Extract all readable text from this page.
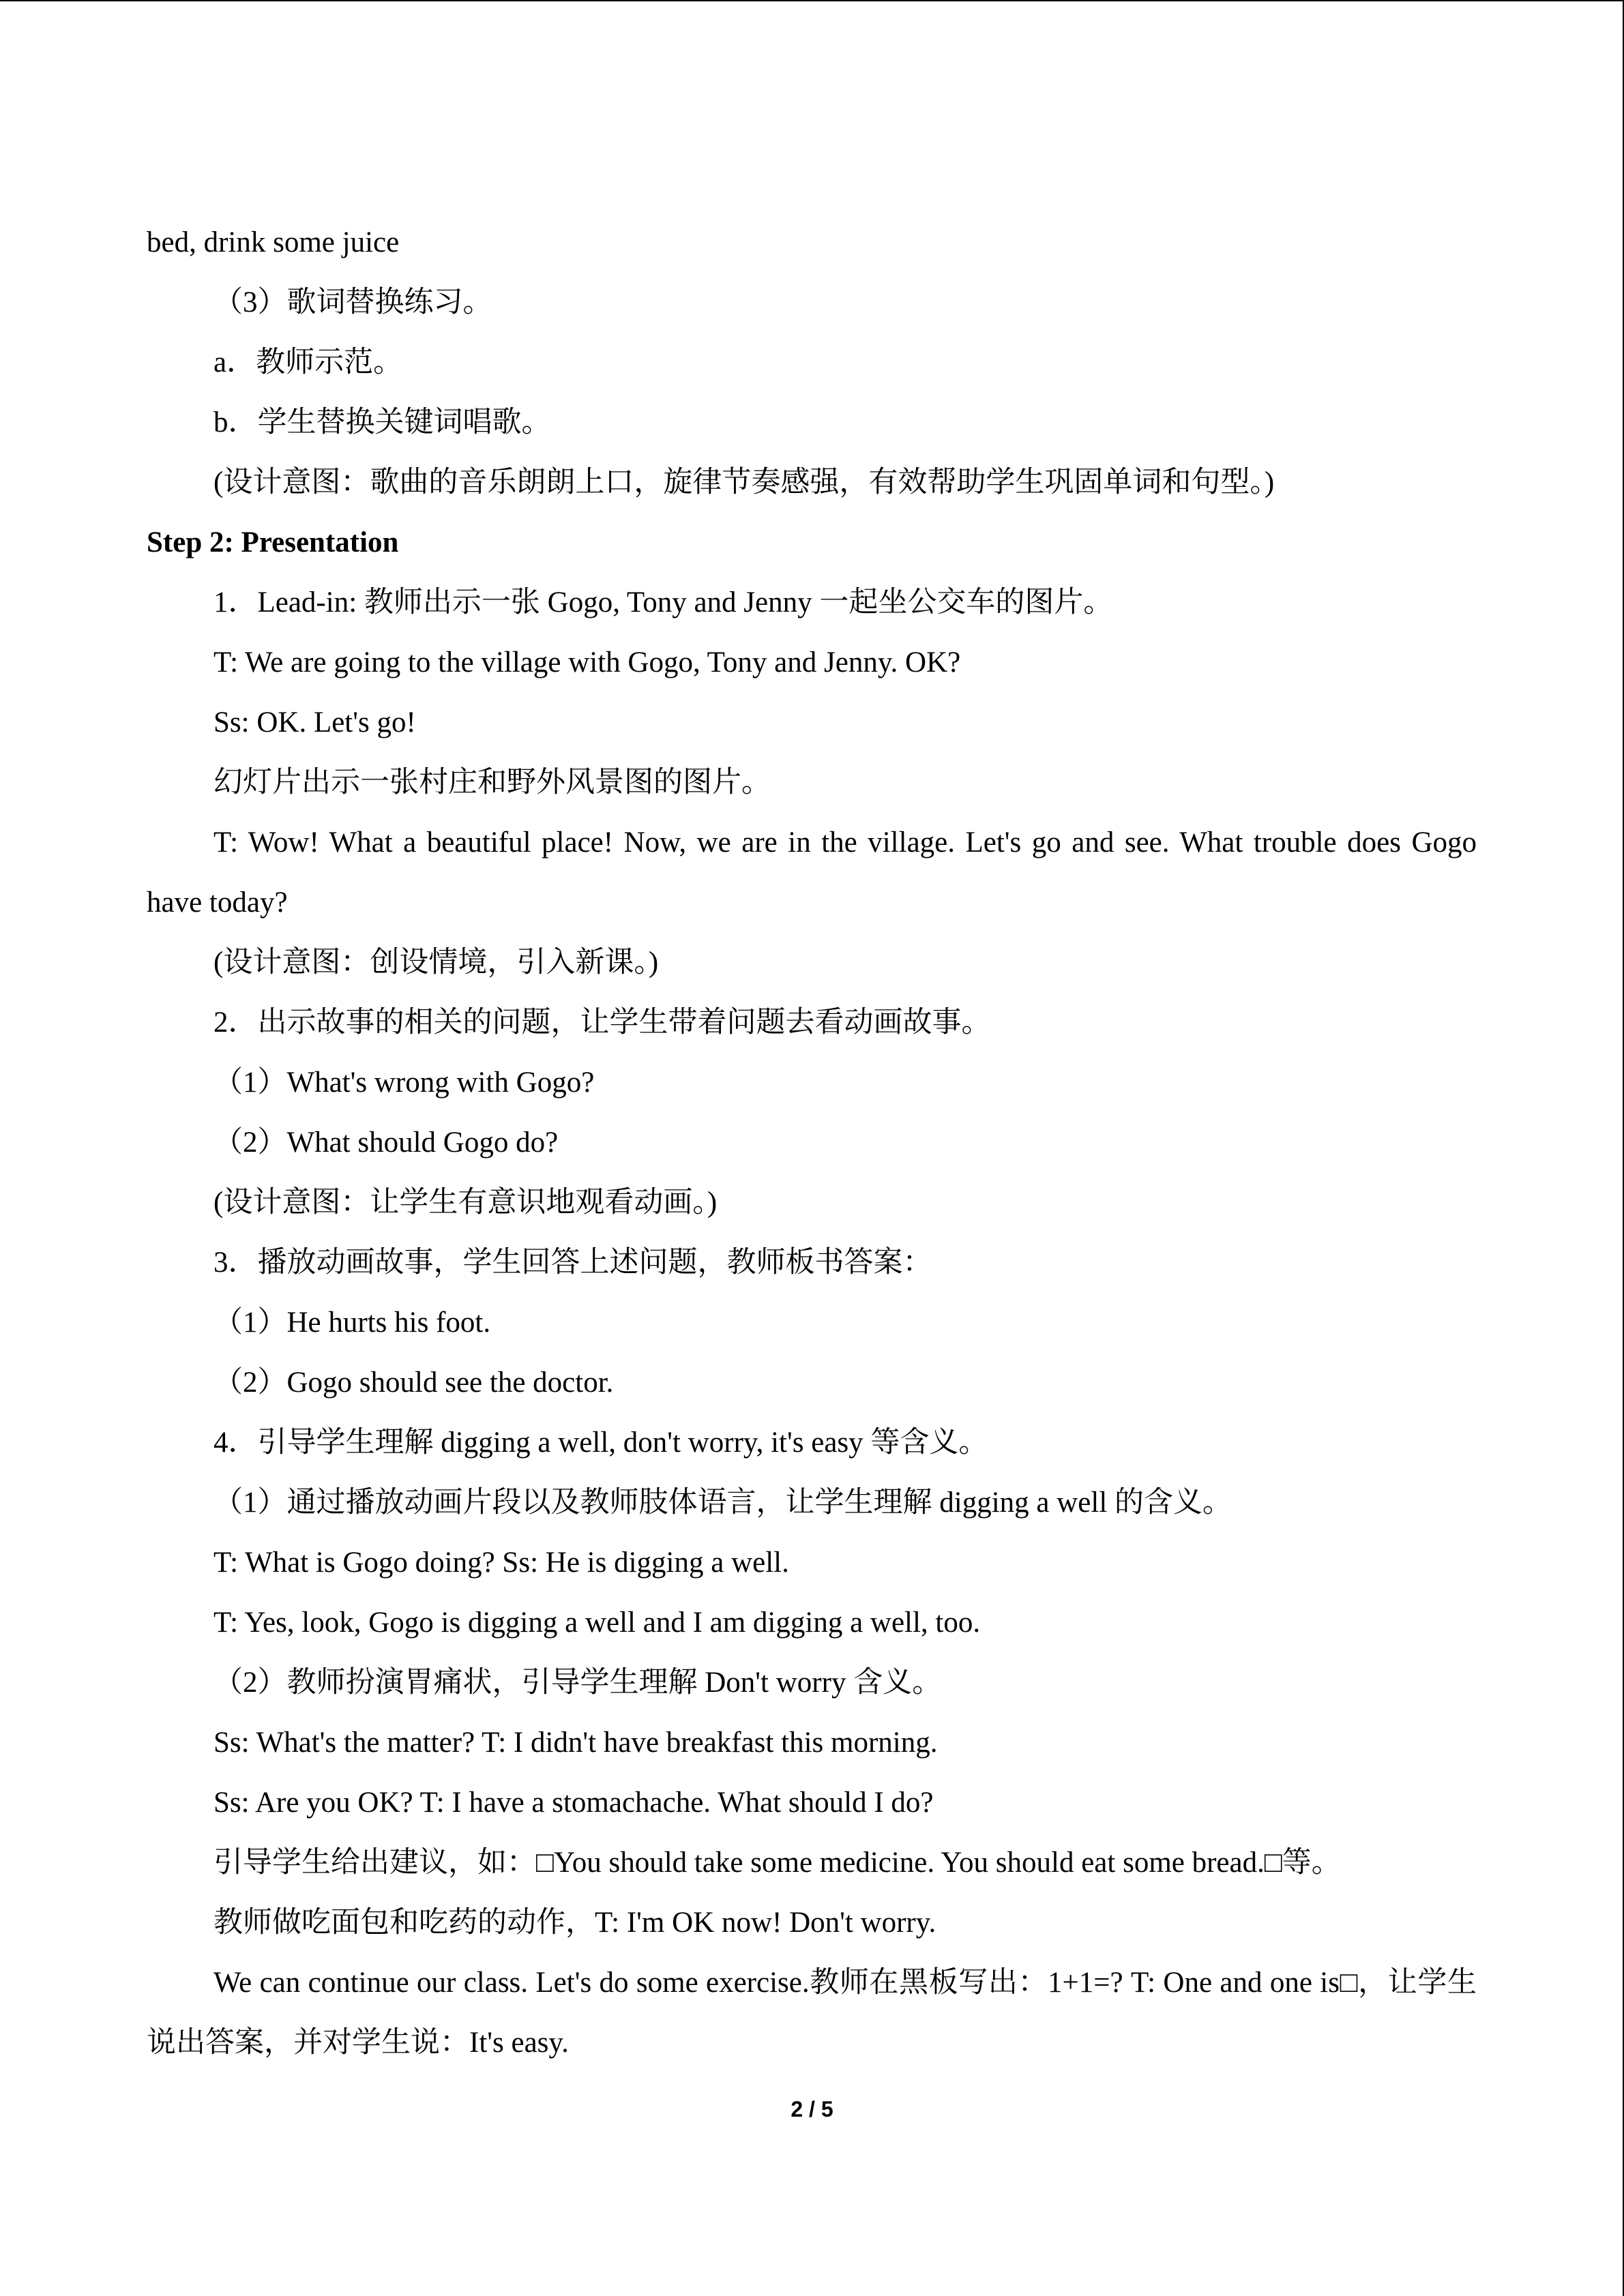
bed, drink some juice
（3）歌词替换练习。
a．教师示范。
b．学生替换关键词唱歌。
(设计意图：歌曲的音乐朗朗上口，旋律节奏感强，有效帮助学生巩固单词和句型。)
Step 2: Presentation
1．Lead-in: 教师出示一张 Gogo, Tony and Jenny 一起坐公交车的图片。
T: We are going to the village with Gogo, Tony and Jenny. OK?
Ss: OK. Let's go!
幻灯片出示一张村庄和野外风景图的图片。
T: Wow! What a beautiful place! Now, we are in the village. Let's go and see. What trouble does Gogo have today?
(设计意图：创设情境，引入新课。)
2．出示故事的相关的问题，让学生带着问题去看动画故事。
（1）What's wrong with Gogo?
（2）What should Gogo do?
(设计意图：让学生有意识地观看动画。)
3．播放动画故事，学生回答上述问题，教师板书答案：
（1）He hurts his foot.
（2）Gogo should see the doctor.
4．引导学生理解 digging a well, don't worry, it's easy 等含义。
（1）通过播放动画片段以及教师肢体语言，让学生理解 digging a well 的含义。
T: What is Gogo doing? Ss: He is digging a well.
T: Yes, look, Gogo is digging a well and I am digging a well, too.
（2）教师扮演胃痛状，引导学生理解 Don't worry 含义。
Ss: What's the matter? T: I didn't have breakfast this morning.
Ss: Are you OK? T: I have a stomachache. What should I do?
引导学生给出建议，如：□You should take some medicine. You should eat some bread.□等。
教师做吃面包和吃药的动作，T: I'm OK now! Don't worry.
We can continue our class. Let's do some exercise.教师在黑板写出：1+1=? T: One and one is□，让学生说出答案，并对学生说：It's easy.
2 / 5
